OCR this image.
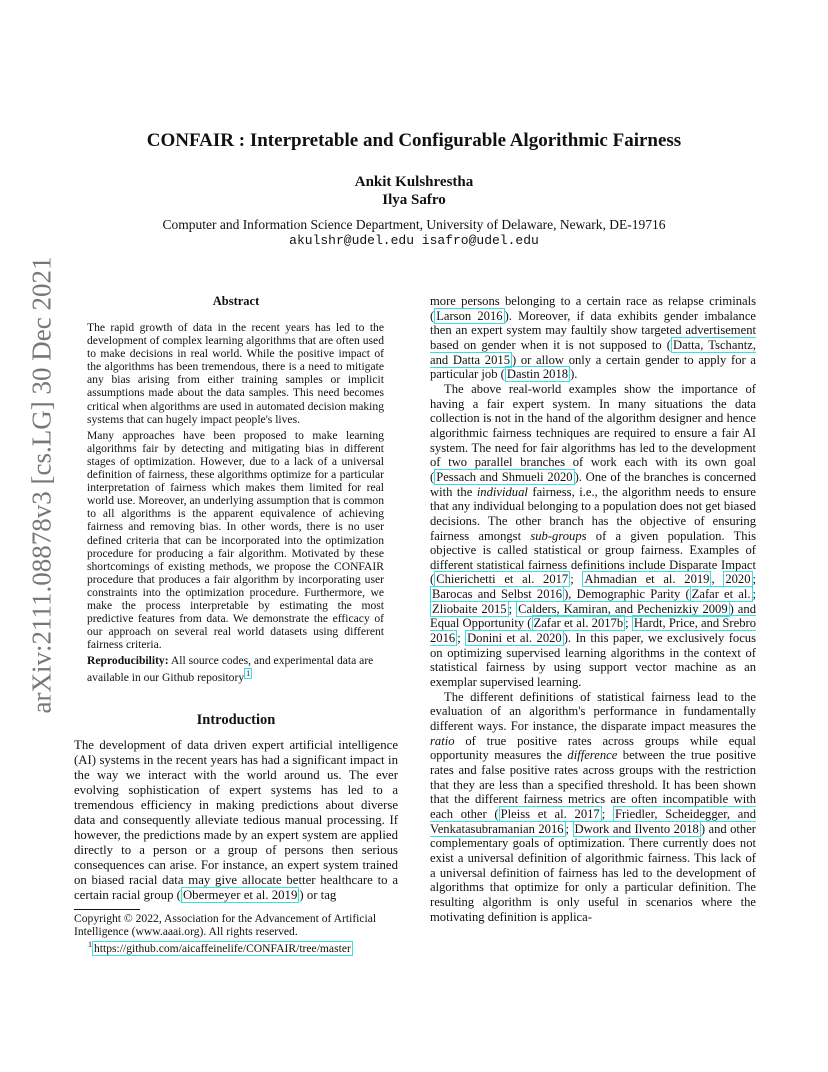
arXiv:2111.08878v3 [cs.LG] 30 Dec 2021
CONFAIR : Interpretable and Configurable Algorithmic Fairness
Ankit Kulshrestha
Ilya Safro
Computer and Information Science Department, University of Delaware, Newark, DE-19716
akulshr@udel.edu isafro@udel.edu
Abstract

The rapid growth of data in the recent years has led to the development of complex learning algorithms that are often used to make decisions in real world. While the positive impact of the algorithms has been tremendous, there is a need to mitigate any bias arising from either training samples or implicit assumptions made about the data samples. This need becomes critical when algorithms are used in automated decision making systems that can hugely impact people's lives.

Many approaches have been proposed to make learning algorithms fair by detecting and mitigating bias in different stages of optimization. However, due to a lack of a universal definition of fairness, these algorithms optimize for a particular interpretation of fairness which makes them limited for real world use. Moreover, an underlying assumption that is common to all algorithms is the apparent equivalence of achieving fairness and removing bias. In other words, there is no user defined criteria that can be incorporated into the optimization procedure for producing a fair algorithm. Motivated by these shortcomings of existing methods, we propose the CONFAIR procedure that produces a fair algorithm by incorporating user constraints into the optimization procedure. Furthermore, we make the process interpretable by estimating the most predictive features from data. We demonstrate the efficacy of our approach on several real world datasets using different fairness criteria.

Reproducibility: All source codes, and experimental data are available in our Github repository $^1$

Introduction
The development of data driven expert artificial intelligence (AI) systems in the recent years has had a significant impact in the way we interact with the world around us. The ever evolving sophistication of expert systems has led to a tremendous efficiency in making predictions about diverse data and consequently alleviate tedious manual processing. If however, the predictions made by an expert system are applied directly to a person or a group of persons then serious consequences can arise. For instance, an expert system trained on biased racial data may give allocate better healthcare to a certain racial group ( Obermeyer et al. 2019 ) or tag
Copyright © 2022, Association for the Advancement of Artificial Intelligence (www.aaai.org). All rights reserved.
$^1$ https://github.com/aicaffeinelife/CONFAIR/tree/master

more persons belonging to a certain race as relapse criminals ( Larson 2016 ). Moreover, if data exhibits gender imbalance then an expert system may faultily show targeted advertisement based on gender when it is not supposed to ( Datta, Tschantz, and Datta 2015 ) or allow only a certain gender to apply for a particular job ( Dastin 2018 ).

The above real-world examples show the importance of having a fair expert system. In many situations the data collection is not in the hand of the algorithm designer and hence algorithmic fairness techniques are required to ensure a fair AI system. The need for fair algorithms has led to the development of two parallel branches of work each with its own goal ( Pessach and Shmueli 2020 ). One of the branches is concerned with the individual fairness, i.e., the algorithm needs to ensure that any individual belonging to a population does not get biased decisions. The other branch has the objective of ensuring fairness amongst sub-groups of a given population. This objective is called statistical or group fairness. Examples of different statistical fairness definitions include Disparate Impact ( Chierichetti et al. 2017 ; Ahmadian et al. 2019 , 2020 ; Barocas and Selbst 2016 ), Demographic Parity ( Zafar et al. ; Zliobaite 2015 ; Calders, Kamiran, and Pechenizkiy 2009 ) and Equal Opportunity ( Zafar et al. 2017b ; Hardt, Price, and Srebro 2016 ; Donini et al. 2020 ). In this paper, we exclusively focus on optimizing supervised learning algorithms in the context of statistical fairness by using support vector machine as an exemplar supervised learning.

The different definitions of statistical fairness lead to the evaluation of an algorithm's performance in fundamentally different ways. For instance, the disparate impact measures the ratio of true positive rates across groups while equal opportunity measures the difference between the true positive rates and false positive rates across groups with the restriction that they are less than a specified threshold. It has been shown that the different fairness metrics are often incompatible with each other ( Pleiss et al. 2017 ; Friedler, Scheidegger, and Venkatasubramanian 2016 ; Dwork and Ilvento 2018 ) and other complementary goals of optimization. There currently does not exist a universal definition of algorithmic fairness. This lack of a universal definition of fairness has led to the development of algorithms that optimize for only a particular definition. The resulting algorithm is only useful in scenarios where the motivating definition is applica-
